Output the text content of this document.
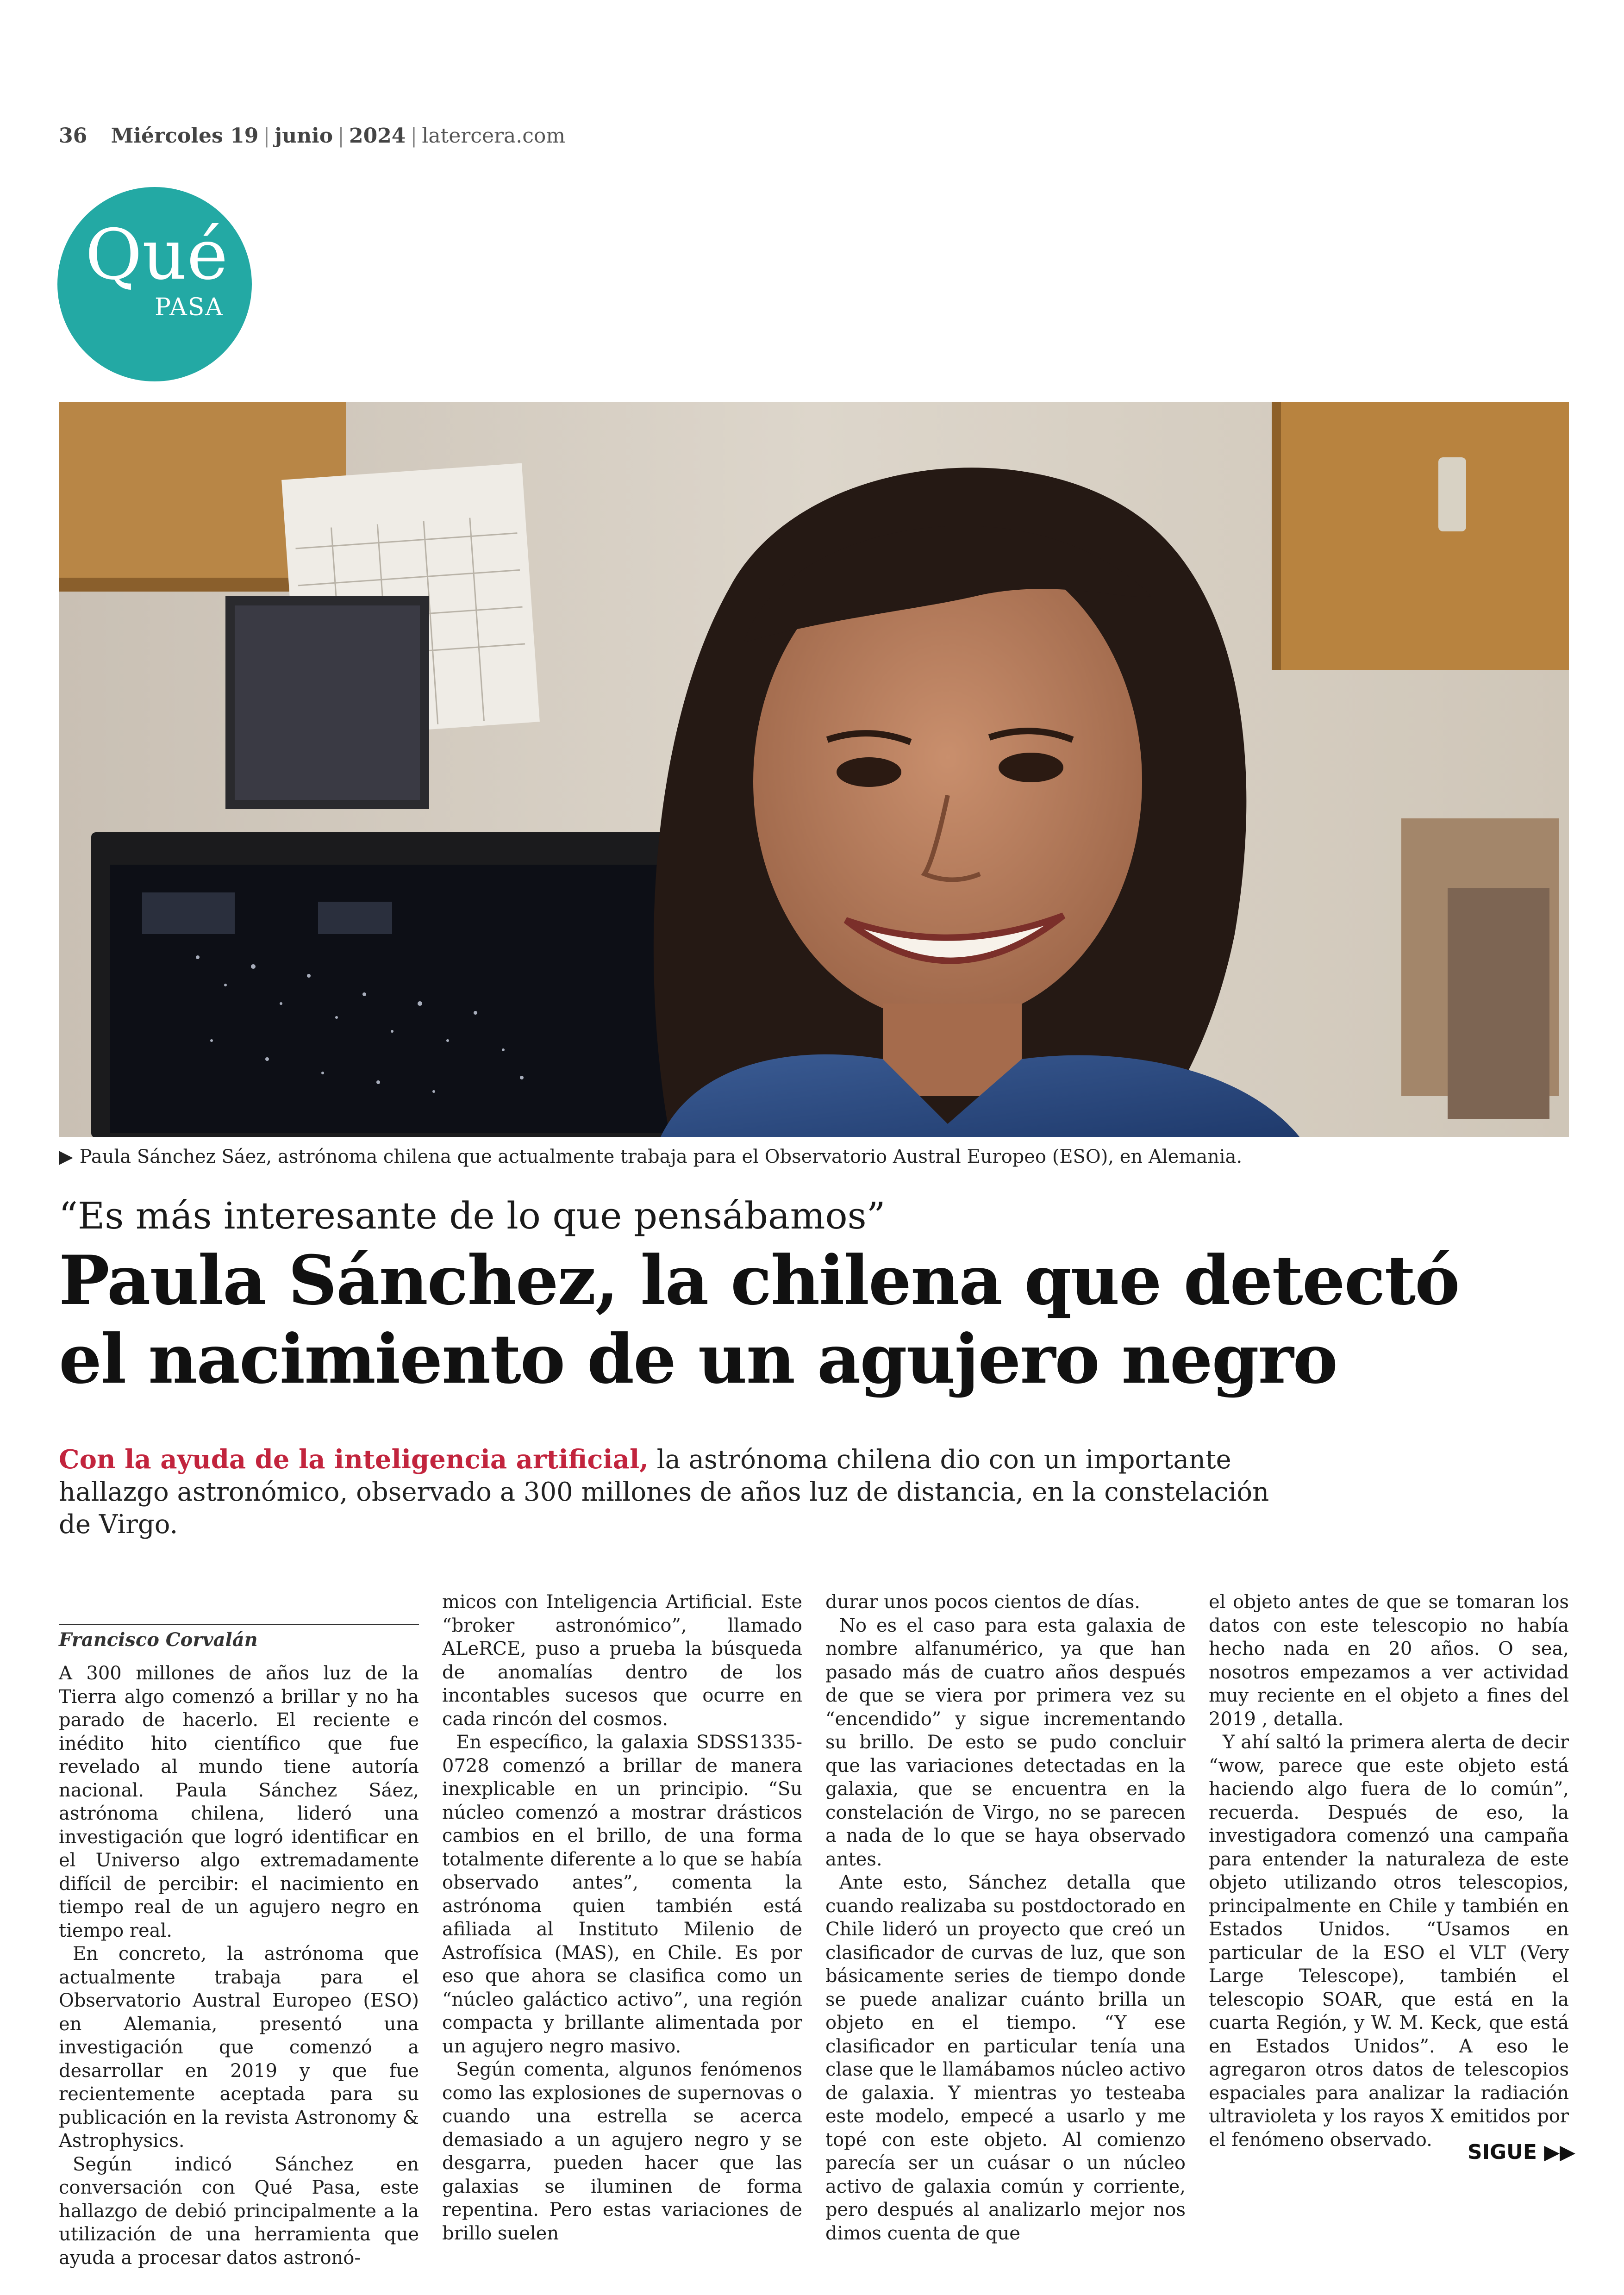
36 Miércoles 19 | junio | 2024 | latercera.com
Qué
PASA
▶ Paula Sánchez Sáez, astrónoma chilena que actualmente trabaja para el Observatorio Austral Europeo (ESO), en Alemania.
“Es más interesante de lo que pensábamos”
Paula Sánchez, la chilena que detectó
el nacimiento de un agujero negro
Con la ayuda de la inteligencia artificial, la astrónoma chilena dio con un importante hallazgo astronómico, observado a 300 millones de años luz de distancia, en la constelación de Virgo.
Francisco Corvalán

A 300 millones de años luz de la Tierra algo comenzó a brillar y no ha parado de hacerlo. El reciente e inédito hito científico que fue revelado al mundo tiene autoría nacional. Paula Sánchez Sáez, astrónoma chilena, lideró una investigación que logró identificar en el Universo algo extremadamente difícil de percibir: el nacimiento en tiempo real de un agujero negro en tiempo real.

En concreto, la astrónoma que actualmente trabaja para el Observatorio Austral Europeo (ESO) en Alemania, presentó una investigación que comenzó a desarrollar en 2019 y que fue recientemente aceptada para su publicación en la revista Astronomy & Astrophysics.

Según indicó Sánchez en conversación con Qué Pasa, este hallazgo de debió principalmente a la utilización de una herramienta que ayuda a procesar datos astronó-

micos con Inteligencia Artificial. Este “broker astronómico”, llamado ALeRCE, puso a prueba la búsqueda de anomalías dentro de los incontables sucesos que ocurre en cada rincón del cosmos.

En específico, la galaxia SDSS1335-0728 comenzó a brillar de manera inexplicable en un principio. “Su núcleo comenzó a mostrar drásticos cambios en el brillo, de una forma totalmente diferente a lo que se había observado antes”, comenta la astrónoma quien también está afiliada al Instituto Milenio de Astrofísica (MAS), en Chile. Es por eso que ahora se clasifica como un “núcleo galáctico activo”, una región compacta y brillante alimentada por un agujero negro masivo.

Según comenta, algunos fenómenos como las explosiones de supernovas o cuando una estrella se acerca demasiado a un agujero negro y se desgarra, pueden hacer que las galaxias se iluminen de forma repentina. Pero estas variaciones de brillo suelen

durar unos pocos cientos de días.

No es el caso para esta galaxia de nombre alfanumérico, ya que han pasado más de cuatro años después de que se viera por primera vez su “encendido” y sigue incrementando su brillo. De esto se pudo concluir que las variaciones detectadas en la galaxia, que se encuentra en la constelación de Virgo, no se parecen a nada de lo que se haya observado antes.

Ante esto, Sánchez detalla que cuando realizaba su postdoctorado en Chile lideró un proyecto que creó un clasificador de curvas de luz, que son básicamente series de tiempo donde se puede analizar cuánto brilla un objeto en el tiempo. “Y ese clasificador en particular tenía una clase que le llamábamos núcleo activo de galaxia. Y mientras yo testeaba este modelo, empecé a usarlo y me topé con este objeto. Al comienzo parecía ser un cuásar o un núcleo activo de galaxia común y corriente, pero después al analizarlo mejor nos dimos cuenta de que

el objeto antes de que se tomaran los datos con este telescopio no había hecho nada en 20 años. O sea, nosotros empezamos a ver actividad muy reciente en el objeto a fines del 2019 , detalla.

Y ahí saltó la primera alerta de decir “wow, parece que este objeto está haciendo algo fuera de lo común”, recuerda. Después de eso, la investigadora comenzó una campaña para entender la naturaleza de este objeto utilizando otros telescopios, principalmente en Chile y también en Estados Unidos. “Usamos en particular de la ESO el VLT (Very Large Telescope), también el telescopio SOAR, que está en la cuarta Región, y W. M. Keck, que está en Estados Unidos”. A eso le agregaron otros datos de telescopios espaciales para analizar la radiación ultravioleta y los rayos X emitidos por el fenómeno observado.

SIGUE ▶▶
